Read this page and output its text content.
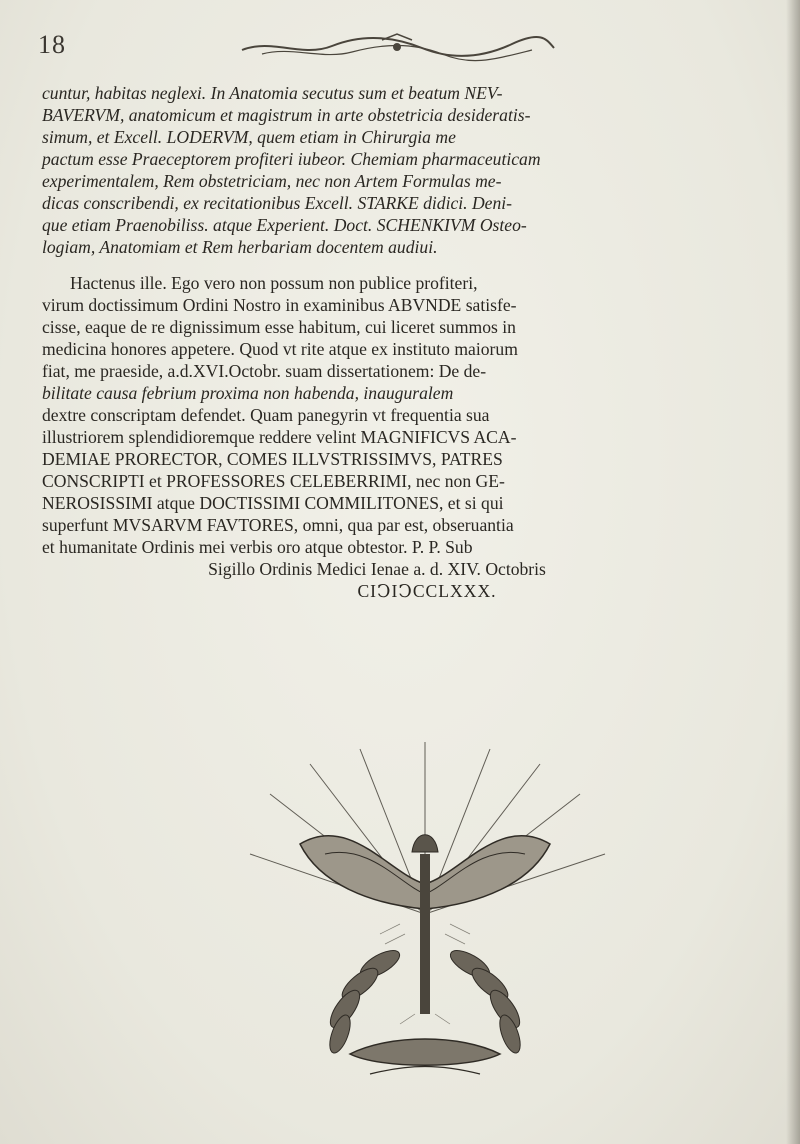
18
cuntur, habitas neglexi. In Anatomia secutus sum et beatum NEV-
BAVERVM, anatomicum et magistrum in arte obstetricia desideratis-
simum, et Excell. LODERVM, quem etiam in Chirurgia me
pactum esse Praeceptorem profiteri iubeor. Chemiam pharmaceuticam
experimentalem, Rem obstetriciam, nec non Artem Formulas me-
dicas conscribendi, ex recitationibus Excell. STARKE didici. Deni-
que etiam Praenobiliss. atque Experient. Doct. SCHENKIVM Osteo-
logiam, Anatomiam et Rem herbariam docentem audiui.
Hactenus ille. Ego vero non possum non publice profiteri,
virum doctissimum Ordini Nostro in examinibus ABVNDE satisfe-
cisse, eaque de re dignissimum esse habitum, cui liceret summos in
medicina honores appetere. Quod vt rite atque ex instituto maiorum
fiat, me praeside, a.d.XVI.Octobr. suam dissertationem: De de-
bilitate causa febrium proxima non habenda, inauguralem
dextre conscriptam defendet. Quam panegyrin vt frequentia sua
illustriorem splendidioremque reddere velint MAGNIFICVS ACA-
DEMIAE PROREСTOR, COMES ILLVSTRISSIMVS, PATRES
CONSCRIPTI et PROFESSORES CELEBERRIMI, nec non GE-
NEROSISSIMI atque DOCTISSIMI COMMILITONES, et si qui
superfunt MVSARVM FAVTORES, omni, qua par est, obseruantia
et humanitate Ordinis mei verbis oro atque obtestor. P. P. Sub
Sigillo Ordinis Medici Ienae a. d. XIV. Octobris
CIↃIↃCCLXXX.
